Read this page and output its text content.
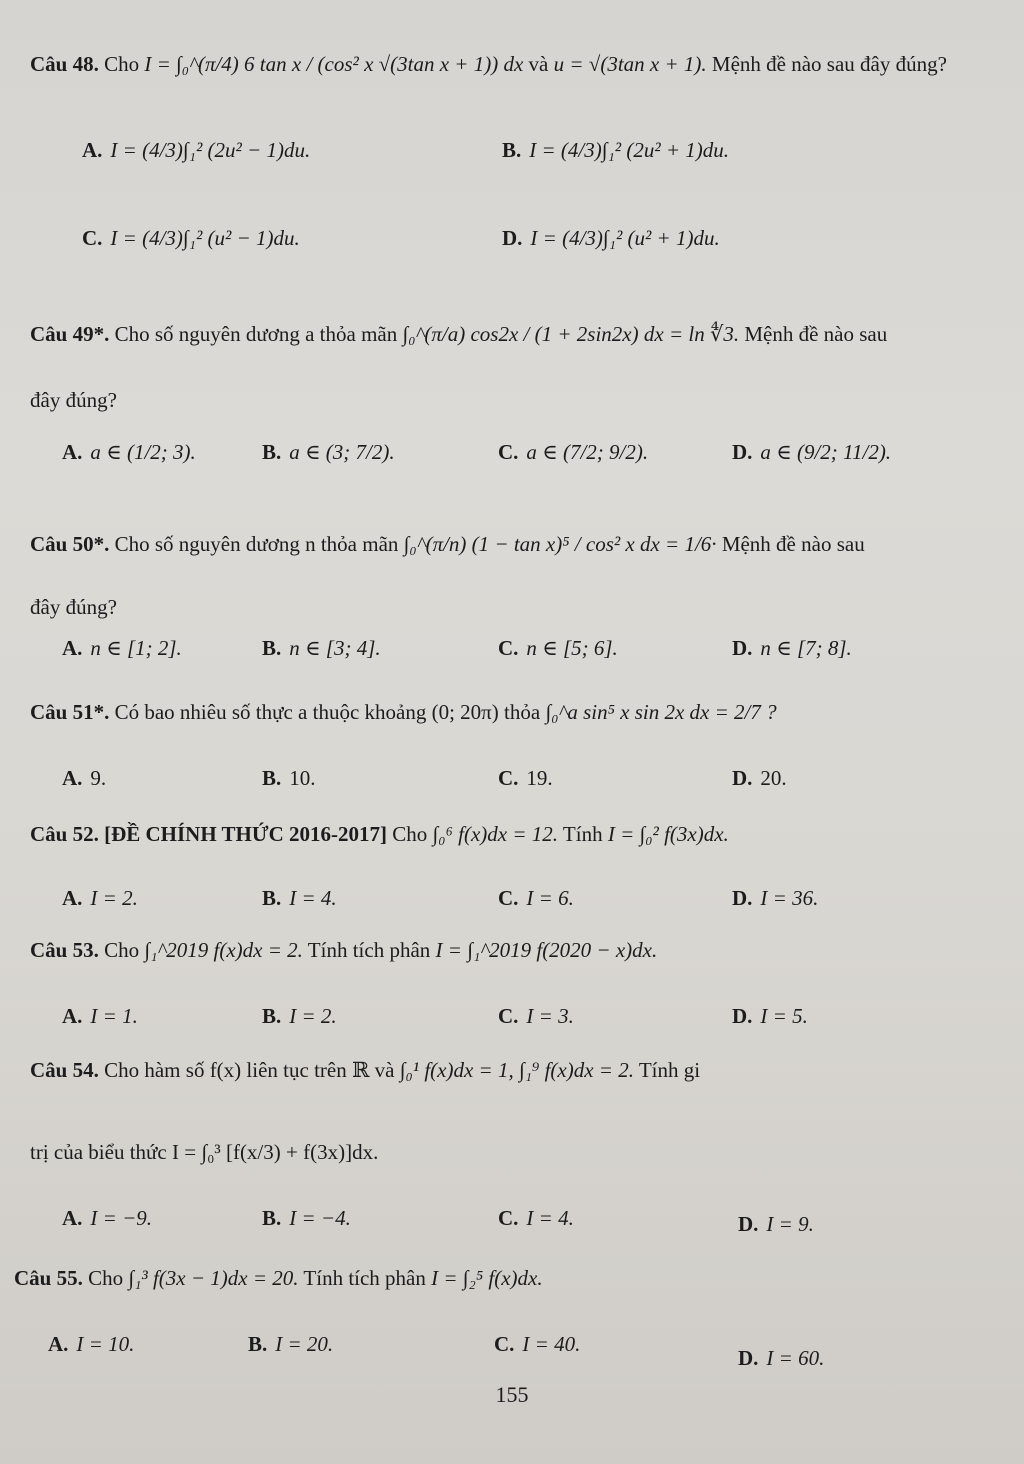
Câu 48. Cho I = ∫₀^(π/4) 6 tan x / (cos² x √(3tan x + 1)) dx và u = √(3tan x + 1). Mệnh đề nào sau đây đúng?
A. I = (4/3)∫₁² (2u² − 1)du.	B. I = (4/3)∫₁² (2u² + 1)du.
C. I = (4/3)∫₁² (u² − 1)du.	D. I = (4/3)∫₁² (u² + 1)du.
Câu 49*. Cho số nguyên dương a thỏa mãn ∫₀^(π/a) cos2x / (1 + 2sin2x) dx = ln ∜3. Mệnh đề nào sau
đây đúng?
A. a ∈ (1/2; 3).	B. a ∈ (3; 7/2).	C. a ∈ (7/2; 9/2).	D. a ∈ (9/2; 11/2).
Câu 50*. Cho số nguyên dương n thỏa mãn ∫₀^(π/n) (1 − tan x)⁵ / cos² x dx = 1/6· Mệnh đề nào sau
đây đúng?
A. n ∈ [1; 2].	B. n ∈ [3; 4].	C. n ∈ [5; 6].	D. n ∈ [7; 8].
Câu 51*. Có bao nhiêu số thực a thuộc khoảng (0; 20π) thỏa ∫₀^a sin⁵ x sin 2x dx = 2/7 ?
A. 9.	B. 10.	C. 19.	D. 20.
Câu 52. [ĐỀ CHÍNH THỨC 2016-2017] Cho ∫₀⁶ f(x)dx = 12. Tính I = ∫₀² f(3x)dx.
A. I = 2.	B. I = 4.	C. I = 6.	D. I = 36.
Câu 53. Cho ∫₁^2019 f(x)dx = 2. Tính tích phân I = ∫₁^2019 f(2020 − x)dx.
A. I = 1.	B. I = 2.	C. I = 3.	D. I = 5.
Câu 54. Cho hàm số f(x) liên tục trên ℝ và ∫₀¹ f(x)dx = 1, ∫₁⁹ f(x)dx = 2. Tính gi
trị của biểu thức I = ∫₀³ [f(x/3) + f(3x)]dx.
A. I = −9.	B. I = −4.	C. I = 4.	D. I = 9.
Câu 55. Cho ∫₁³ f(3x − 1)dx = 20. Tính tích phân I = ∫₂⁵ f(x)dx.
A. I = 10.	B. I = 20.	C. I = 40.
D. I = 60.
155
